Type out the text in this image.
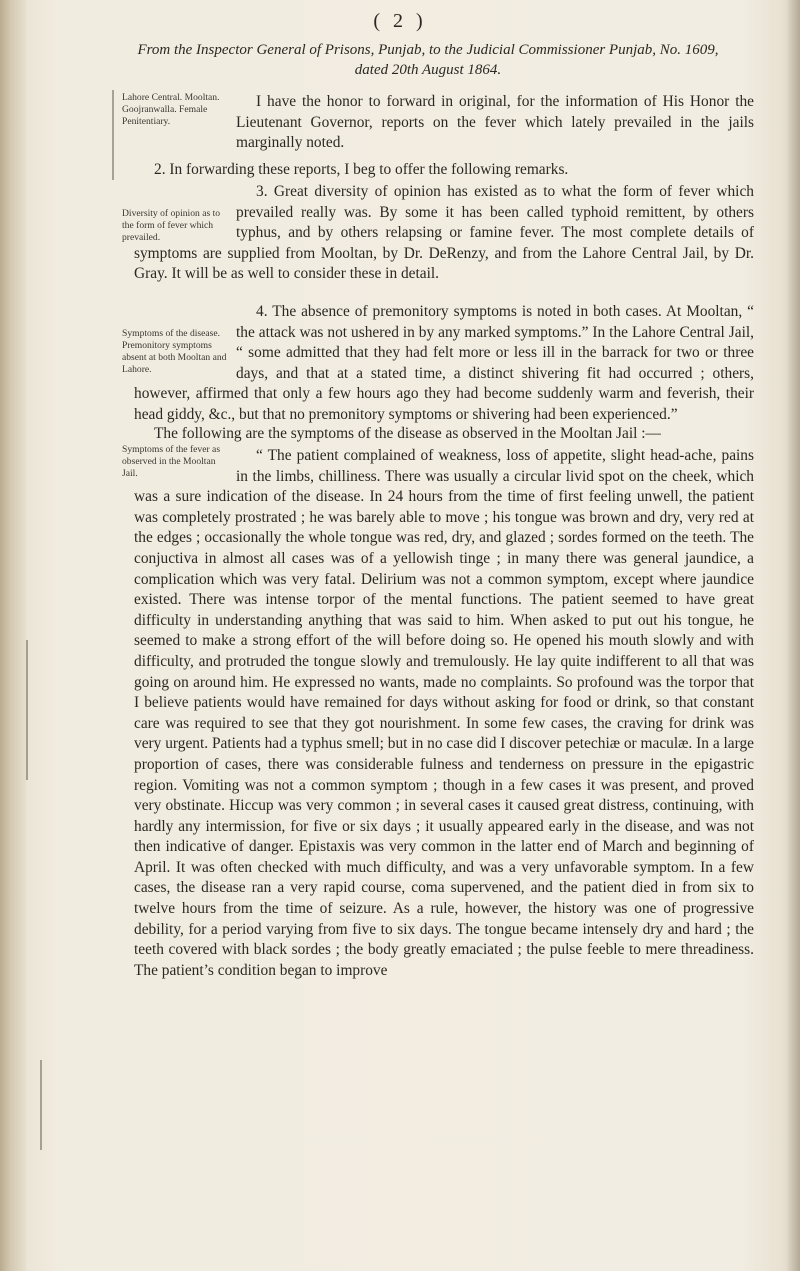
( 2 )
From the Inspector General of Prisons, Punjab, to the Judicial Commissioner Punjab, No. 1609,
dated 20th August 1864.
Lahore Central. Mooltan. Goojranwalla. Female Penitentiary.
Diversity of opinion as to the form of fever which prevailed.
Symptoms of the disease. Premonitory symptoms absent at both Mooltan and Lahore.
Symptoms of the fever as observed in the Mooltan Jail.
I have the honor to forward in original, for the information of His Honor the Lieutenant Governor, reports on the fever which lately prevailed in the jails marginally noted.
2. In forwarding these reports, I beg to offer the following remarks.
3. Great diversity of opinion has existed as to what the form of fever which prevailed really was. By some it has been called typhoid remittent, by others typhus, and by others relapsing or famine fever. The most complete details of symptoms are supplied from Mooltan, by Dr. DeRenzy, and from the Lahore Central Jail, by Dr. Gray. It will be as well to consider these in detail.
4. The absence of premonitory symptoms is noted in both cases. At Mooltan, “ the attack was not ushered in by any marked symptoms.” In the Lahore Central Jail, “ some admitted that they had felt more or less ill in the barrack for two or three days, and that at a stated time, a distinct shivering fit had occurred ; others, however, affirmed that only a few hours ago they had become suddenly warm and feverish, their head giddy, &c., but that no premonitory symptoms or shivering had been experienced.”
The following are the symptoms of the disease as observed in the Mooltan Jail :—
“ The patient complained of weakness, loss of appetite, slight head-ache, pains in the limbs, chilliness. There was usually a circular livid spot on the cheek, which was a sure indication of the disease. In 24 hours from the time of first feeling unwell, the patient was completely prostrated ; he was barely able to move ; his tongue was brown and dry, very red at the edges ; occasionally the whole tongue was red, dry, and glazed ; sordes formed on the teeth. The conjuctiva in almost all cases was of a yellowish tinge ; in many there was general jaundice, a complication which was very fatal. Delirium was not a common symptom, except where jaundice existed. There was intense torpor of the mental functions. The patient seemed to have great difficulty in understanding anything that was said to him. When asked to put out his tongue, he seemed to make a strong effort of the will before doing so. He opened his mouth slowly and with difficulty, and protruded the tongue slowly and tremulously. He lay quite indifferent to all that was going on around him. He expressed no wants, made no complaints. So profound was the torpor that I believe patients would have remained for days without asking for food or drink, so that constant care was required to see that they got nourishment. In some few cases, the craving for drink was very urgent. Patients had a typhus smell; but in no case did I discover petechiæ or maculæ. In a large proportion of cases, there was considerable fulness and tenderness on pressure in the epigastric region. Vomiting was not a common symptom ; though in a few cases it was present, and proved very obstinate. Hiccup was very common ; in several cases it caused great distress, continuing, with hardly any intermission, for five or six days ; it usually appeared early in the disease, and was not then indicative of danger. Epistaxis was very common in the latter end of March and beginning of April. It was often checked with much difficulty, and was a very unfavorable symptom. In a few cases, the disease ran a very rapid course, coma supervened, and the patient died in from six to twelve hours from the time of seizure. As a rule, however, the history was one of progressive debility, for a period varying from five to six days. The tongue became intensely dry and hard ; the teeth covered with black sordes ; the body greatly emaciated ; the pulse feeble to mere threadiness. The patient’s condition began to improve
